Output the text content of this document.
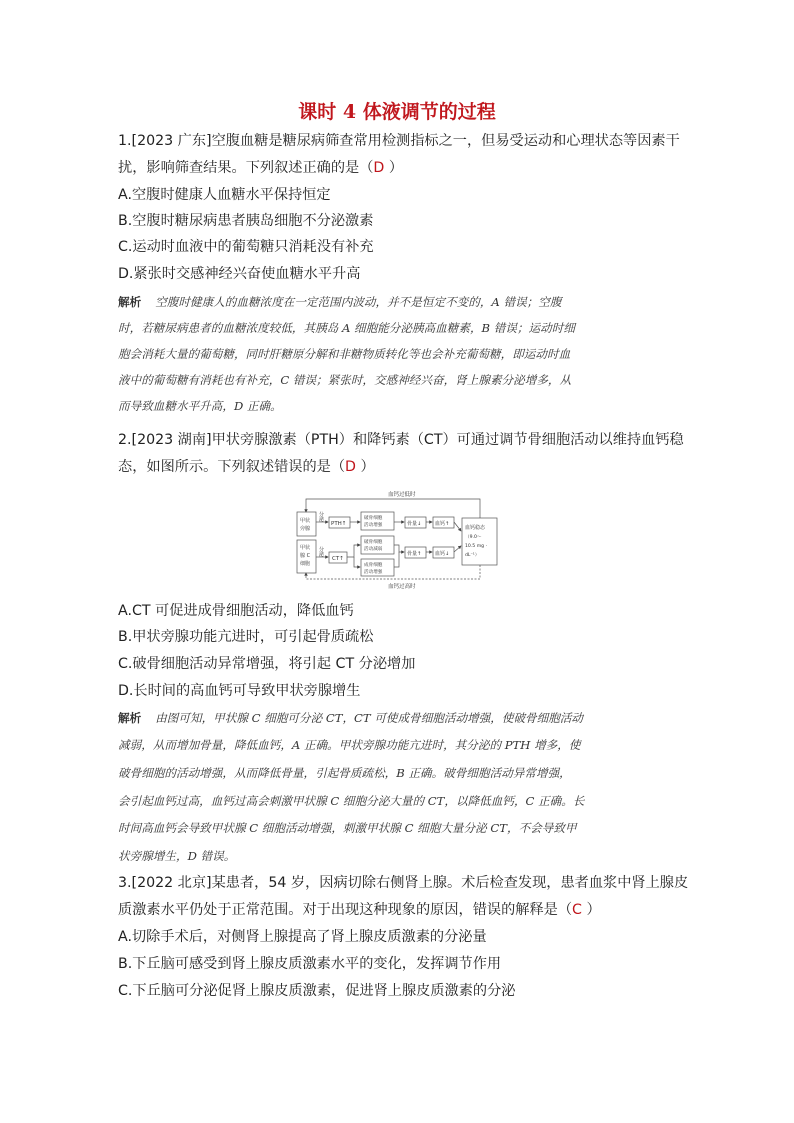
课时 4 体液调节的过程
1.[2023 广东]空腹血糖是糖尿病筛查常用检测指标之一，但易受运动和心理状态等因素干
扰，影响筛查结果。下列叙述正确的是（D ）
A.空腹时健康人血糖水平保持恒定
B.空腹时糖尿病患者胰岛细胞不分泌激素
C.运动时血液中的葡萄糖只消耗没有补充
D.紧张时交感神经兴奋使血糖水平升高
解析 空腹时健康人的血糖浓度在一定范围内波动，并不是恒定不变的，A 错误；空腹
时，若糖尿病患者的血糖浓度较低，其胰岛 A 细胞能分泌胰高血糖素，B 错误；运动时细
胞会消耗大量的葡萄糖，同时肝糖原分解和非糖物质转化等也会补充葡萄糖，即运动时血
液中的葡萄糖有消耗也有补充，C 错误；紧张时，交感神经兴奋，肾上腺素分泌增多，从
而导致血糖水平升高，D 正确。
2.[2023 湖南]甲状旁腺激素（PTH）和降钙素（CT）可通过调节骨细胞活动以维持血钙稳
态，如图所示。下列叙述错误的是（D ）
血钙过低时
血钙过高时
甲状
旁腺
甲状
腺 C
细胞
分
泌
分
泌
PTH↑
CT↑
破骨细胞
活动增强
破骨细胞
活动减弱
成骨细胞
活动增强
骨量↓
骨量↑
血钙↑
血钙↓
血钙稳态
（9.0～
10.5 mg ·
dL⁻¹）
A.CT 可促进成骨细胞活动，降低血钙
B.甲状旁腺功能亢进时，可引起骨质疏松
C.破骨细胞活动异常增强，将引起 CT 分泌增加
D.长时间的高血钙可导致甲状旁腺增生
解析 由图可知，甲状腺 C 细胞可分泌 CT，CT 可使成骨细胞活动增强，使破骨细胞活动
减弱，从而增加骨量，降低血钙，A 正确。甲状旁腺功能亢进时，其分泌的 PTH 增多，使
破骨细胞的活动增强，从而降低骨量，引起骨质疏松，B 正确。破骨细胞活动异常增强，
会引起血钙过高，血钙过高会刺激甲状腺 C 细胞分泌大量的 CT，以降低血钙，C 正确。长
时间高血钙会导致甲状腺 C 细胞活动增强，刺激甲状腺 C 细胞大量分泌 CT，不会导致甲
状旁腺增生，D 错误。
3.[2022 北京]某患者，54 岁，因病切除右侧肾上腺。术后检查发现，患者血浆中肾上腺皮
质激素水平仍处于正常范围。对于出现这种现象的原因，错误的解释是（C ）
A.切除手术后，对侧肾上腺提高了肾上腺皮质激素的分泌量
B.下丘脑可感受到肾上腺皮质激素水平的变化，发挥调节作用
C.下丘脑可分泌促肾上腺皮质激素，促进肾上腺皮质激素的分泌
